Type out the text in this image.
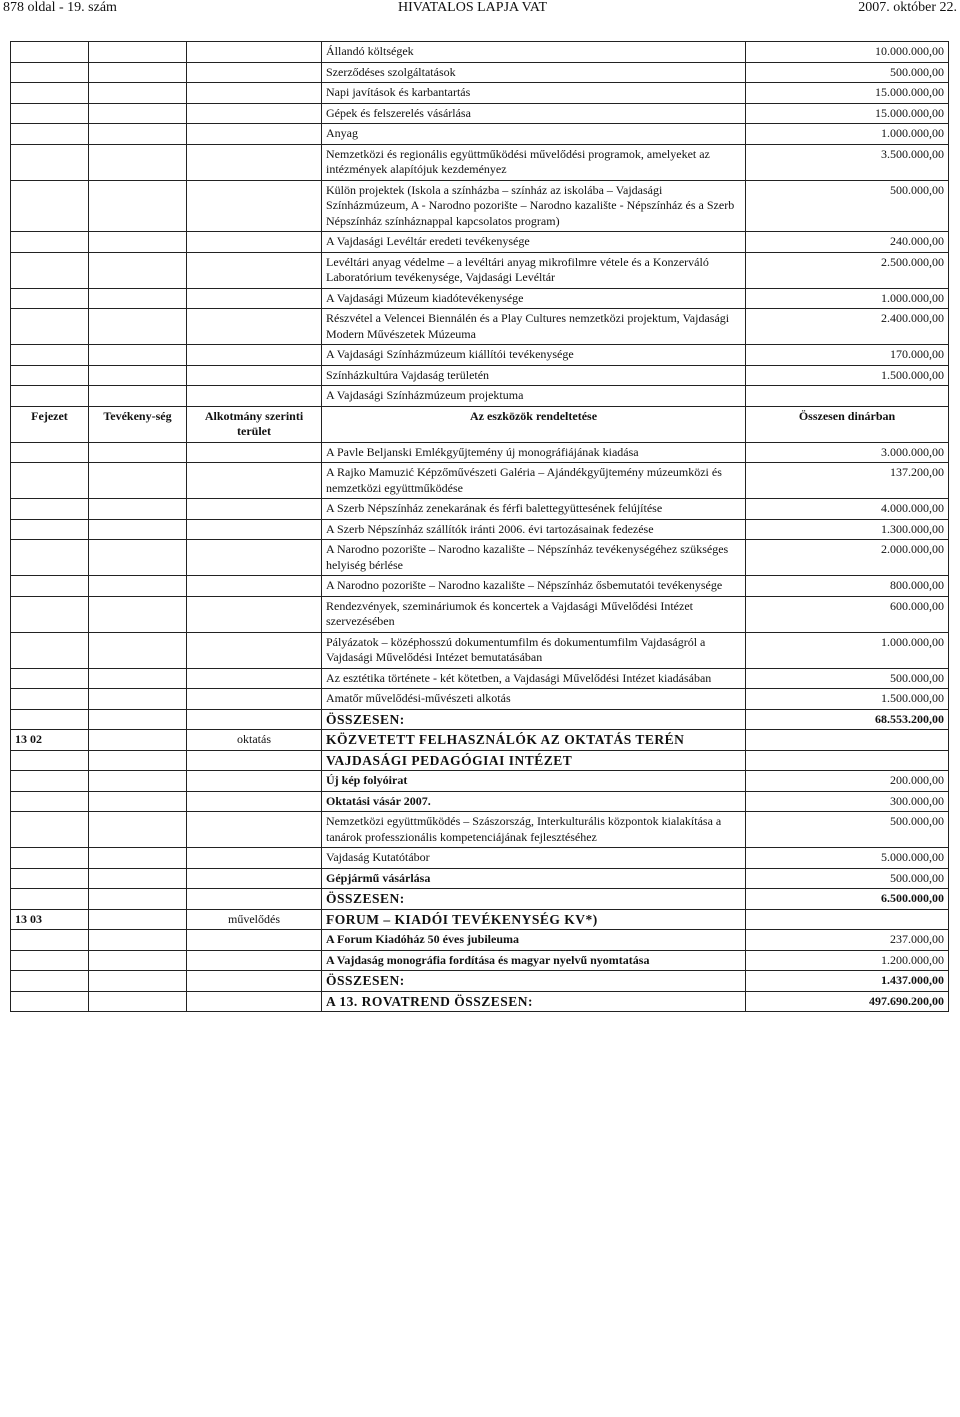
878 oldal - 19. szám	HIVATALOS LAPJA VAT	2007. október 22.
			Állandó költségek	10.000.000,00
			Szerződéses szolgáltatások	500.000,00
			Napi javítások és karbantartás	15.000.000,00
			Gépek és felszerelés vásárlása	15.000.000,00
			Anyag	1.000.000,00
			Nemzetközi és regionális együttműködési művelődési programok, amelyeket az intézmények alapítójuk kezdeményez	3.500.000,00
			Külön projektek (Iskola a színházba – színház az iskolába – Vajdasági Színházmúzeum, A - Narodno pozorište – Narodno kazalište - Népszínház és a Szerb Népszínház színháznappal kapcsolatos program)	500.000,00
			A Vajdasági Levéltár eredeti tevékenysége	240.000,00
			Levéltári anyag védelme – a levéltári anyag mikrofilmre vétele és a Konzerváló Laboratórium tevékenysége, Vajdasági Levéltár	2.500.000,00
			A Vajdasági Múzeum kiadótevékenysége	1.000.000,00
			Részvétel a Velencei Biennálén és a Play Cultures nemzetközi projektum, Vajdasági Modern Művészetek Múzeuma	2.400.000,00
			A Vajdasági Színházmúzeum kiállítói tevékenysége	170.000,00
			Színházkultúra Vajdaság területén	1.500.000,00
			A Vajdasági Színházmúzeum projektuma	
Fejezet	Tevékeny-ség	Alkotmány szerinti terület	Az eszközök rendeltetése	Összesen dinárban
			A Pavle Beljanski Emlékgyűjtemény új monográfiájának kiadása	3.000.000,00
			A Rajko Mamuzić Képzőművészeti Galéria – Ajándékgyűjtemény múzeumközi és nemzetközi együttműködése	137.200,00
			A Szerb Népszínház zenekarának és férfi balettegyüttesének felújítése	4.000.000,00
			A Szerb Népszínház szállítók iránti 2006. évi tartozásainak fedezése	1.300.000,00
			A Narodno pozorište – Narodno kazalište – Népszínház tevékenységéhez szükséges helyiség bérlése	2.000.000,00
			A Narodno pozorište – Narodno kazalište – Népszínház ősbemutatói tevékenysége	800.000,00
			Rendezvények, szemináriumok és koncertek a Vajdasági Művelődési Intézet szervezésében	600.000,00
			Pályázatok – középhosszú dokumentumfilm és dokumentumfilm Vajdaságról a Vajdasági Művelődési Intézet bemutatásában	1.000.000,00
			Az esztétika története - két kötetben, a Vajdasági Művelődési Intézet kiadásában	500.000,00
			Amatőr művelődési-művészeti alkotás	1.500.000,00
			ÖSSZESEN:	68.553.200,00
13 02		oktatás	KÖZVETETT FELHASZNÁLÓK AZ OKTATÁS TERÉN	
			VAJDASÁGI PEDAGÓGIAI INTÉZET	
			Új kép folyóirat	200.000,00
			Oktatási vásár 2007.	300.000,00
			Nemzetközi együttműködés – Szászország, Interkulturális központok kialakítása a tanárok professzionális kompetenciájának fejlesztéséhez	500.000,00
			Vajdaság Kutatótábor	5.000.000,00
			Gépjármű vásárlása	500.000,00
			ÖSSZESEN:	6.500.000,00
13 03		művelődés	FORUM – KIADÓI TEVÉKENYSÉG KV*)	
			A Forum Kiadóház 50 éves jubileuma	237.000,00
			A Vajdaság monográfia fordítása és magyar nyelvű nyomtatása	1.200.000,00
			ÖSSZESEN:	1.437.000,00
			A 13. ROVATREND ÖSSZESEN:	497.690.200,00
